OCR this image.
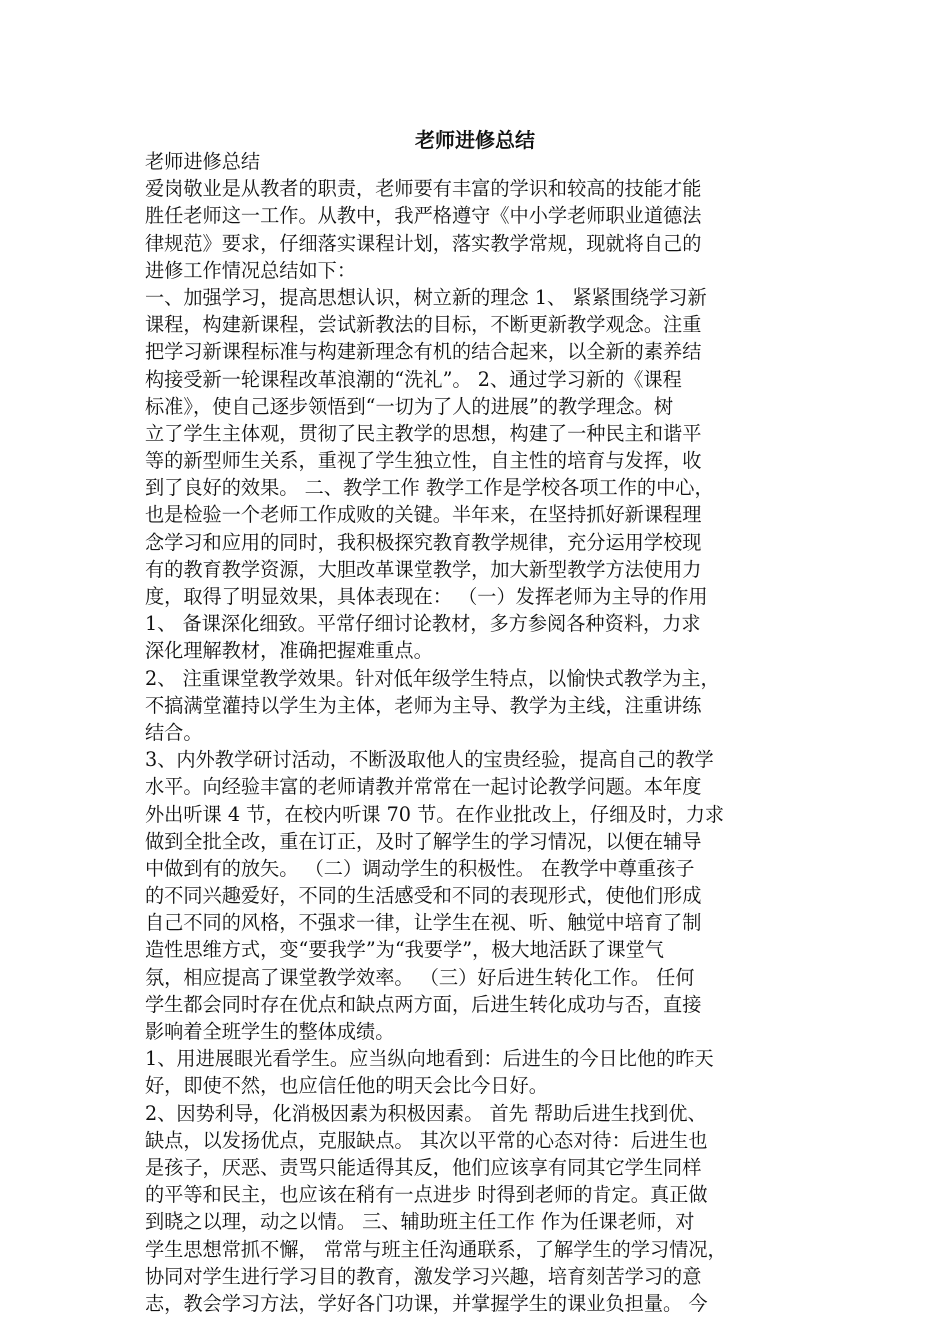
老师进修总结
老师进修总结
爱岗敬业是从教者的职责，老师要有丰富的学识和较高的技能才能
胜任老师这一工作。从教中，我严格遵守《中小学老师职业道德法
律规范》要求，仔细落实课程计划，落实教学常规，现就将自己的
进修工作情况总结如下：
一、加强学习，提高思想认识，树立新的理念 1、 紧紧围绕学习新
课程，构建新课程，尝试新教法的目标，不断更新教学观念。注重
把学习新课程标准与构建新理念有机的结合起来，以全新的素养结
构接受新一轮课程改革浪潮的“洗礼”。 2、通过学习新的《课程
标准》，使自己逐步领悟到“一切为了人的进展”的教学理念。树
立了学生主体观，贯彻了民主教学的思想，构建了一种民主和谐平
等的新型师生关系，重视了学生独立性，自主性的培育与发挥，收
到了良好的效果。 二、教学工作 教学工作是学校各项工作的中心，
也是检验一个老师工作成败的关键。半年来，在坚持抓好新课程理
念学习和应用的同时，我积极探究教育教学规律，充分运用学校现
有的教育教学资源，大胆改革课堂教学，加大新型教学方法使用力
度，取得了明显效果，具体表现在： （一）发挥老师为主导的作用
1、 备课深化细致。平常仔细讨论教材，多方参阅各种资料，力求
深化理解教材，准确把握难重点。
2、 注重课堂教学效果。针对低年级学生特点，以愉快式教学为主，
不搞满堂灌持以学生为主体，老师为主导、教学为主线，注重讲练
结合。
3、内外教学研讨活动，不断汲取他人的宝贵经验，提高自己的教学
水平。向经验丰富的老师请教并常常在一起讨论教学问题。本年度
外出听课 4 节，在校内听课 70 节。在作业批改上，仔细及时，力求
做到全批全改，重在订正，及时了解学生的学习情况，以便在辅导
中做到有的放矢。 （二）调动学生的积极性。 在教学中尊重孩子
的不同兴趣爱好，不同的生活感受和不同的表现形式，使他们形成
自己不同的风格，不强求一律，让学生在视、听、触觉中培育了制
造性思维方式，变“要我学”为“我要学”，极大地活跃了课堂气
氛，相应提高了课堂教学效率。 （三）好后进生转化工作。 任何
学生都会同时存在优点和缺点两方面，后进生转化成功与否，直接
影响着全班学生的整体成绩。
1、用进展眼光看学生。应当纵向地看到：后进生的今日比他的昨天
好，即使不然，也应信任他的明天会比今日好。
2、因势利导，化消极因素为积极因素。 首先 帮助后进生找到优、
缺点，以发扬优点，克服缺点。 其次以平常的心态对待：后进生也
是孩子，厌恶、责骂只能适得其反，他们应该享有同其它学生同样
的平等和民主，也应该在稍有一点进步 时得到老师的肯定。真正做
到晓之以理，动之以情。 三、辅助班主任工作 作为任课老师，对
学生思想常抓不懈， 常常与班主任沟通联系，了解学生的学习情况，
协同对学生进行学习目的教育，激发学习兴趣，培育刻苦学习的意
志，教会学习方法，学好各门功课，并掌握学生的课业负担量。 今
